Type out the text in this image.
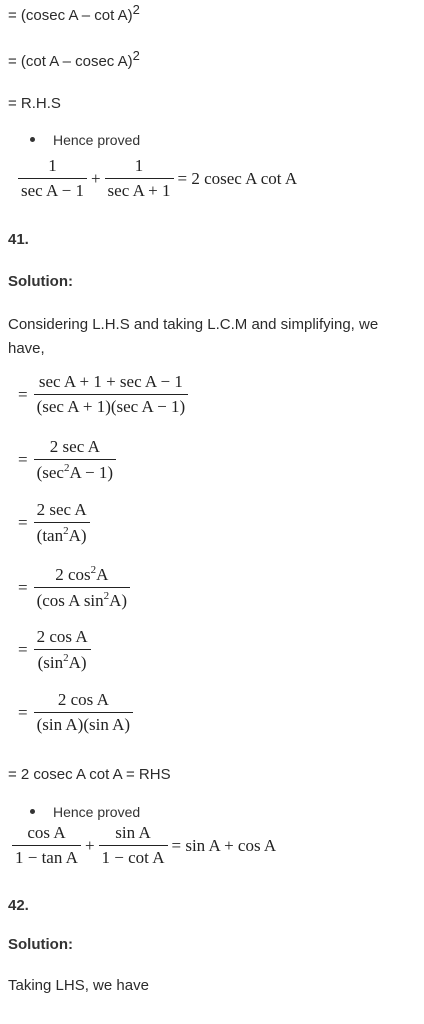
= (cosec A – cot A)$^2$
= (cot A – cosec A)$^2$
= R.H.S
Hence proved
$\frac{1}{\text{sec A − 1}} + \frac{1}{\text{sec A + 1}} = 2$ cosec A cot A
41.
Solution:
Considering L.H.S and taking L.C.M and simplifying, we have,
= $\frac{\text{sec A + 1 + sec A − 1}}{\text{(sec A + 1)(sec A − 1)}}$
= $\frac{\text{2 sec A}}{(\sec^2A - 1)}$
= $\frac{\text{2 sec A}}{(\tan^2A)}$
= $\frac{2 \cos^2A}{(\cos A \sin^2A)}$
= $\frac{\text{2 cos A}}{(\sin^2A)}$
= $\frac{\text{2 cos A}}{\text{(sin A)(sin A)}}$
= 2 cosec A cot A = RHS
Hence proved
$\frac{\text{cos A}}{\text{1 − tan A}} + \frac{\text{sin A}}{\text{1 − cot A}} = \sin A + \cos A$
42.
Solution:
Taking LHS, we have
